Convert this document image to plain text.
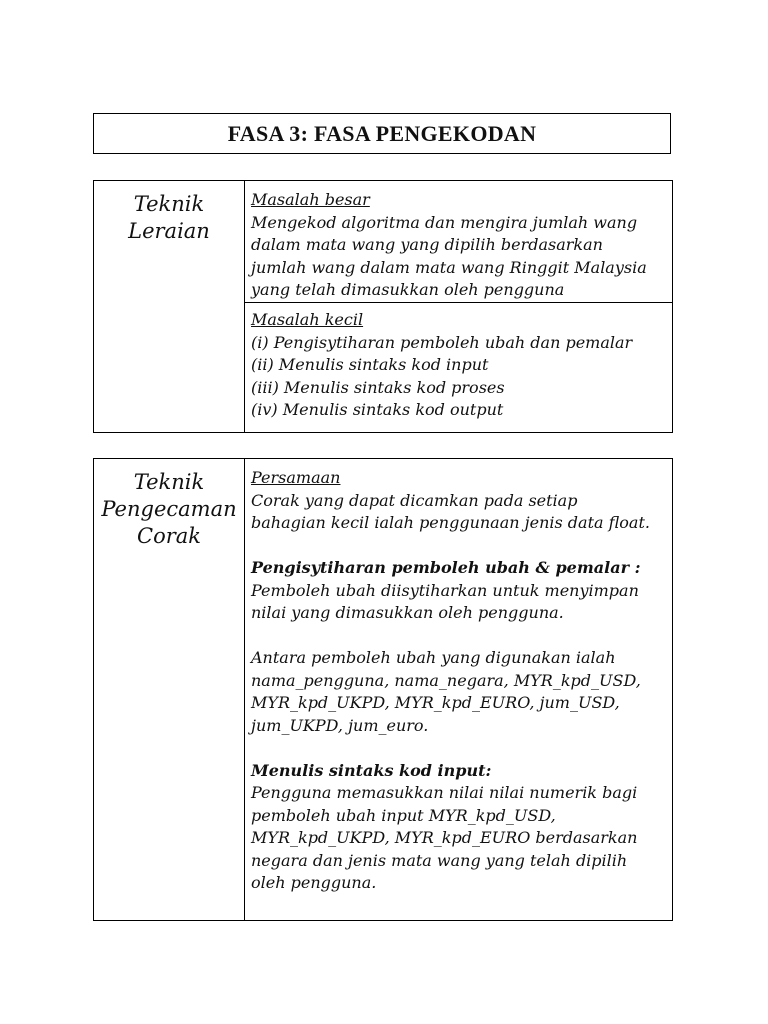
FASA 3: FASA PENGEKODAN
Teknik
Leraian
Masalah besar
Mengekod algoritma dan mengira jumlah wang
dalam mata wang yang dipilih berdasarkan
jumlah wang dalam mata wang Ringgit Malaysia
yang telah dimasukkan oleh pengguna
Masalah kecil
(i) Pengisytiharan pemboleh ubah dan pemalar
(ii) Menulis sintaks kod input
(iii) Menulis sintaks kod proses
(iv) Menulis sintaks kod output
Teknik
Pengecaman
Corak
Persamaan
Corak yang dapat dicamkan pada setiap
bahagian kecil ialah penggunaan jenis data float.
Pengisytiharan pemboleh ubah & pemalar :
Pemboleh ubah diisytiharkan untuk menyimpan
nilai yang dimasukkan oleh pengguna.
Antara pemboleh ubah yang digunakan ialah
nama_pengguna, nama_negara, MYR_kpd_USD,
MYR_kpd_UKPD, MYR_kpd_EURO, jum_USD,
jum_UKPD, jum_euro.
Menulis sintaks kod input:
Pengguna memasukkan nilai nilai numerik bagi
pemboleh ubah input MYR_kpd_USD,
MYR_kpd_UKPD, MYR_kpd_EURO berdasarkan
negara dan jenis mata wang yang telah dipilih
oleh pengguna.
